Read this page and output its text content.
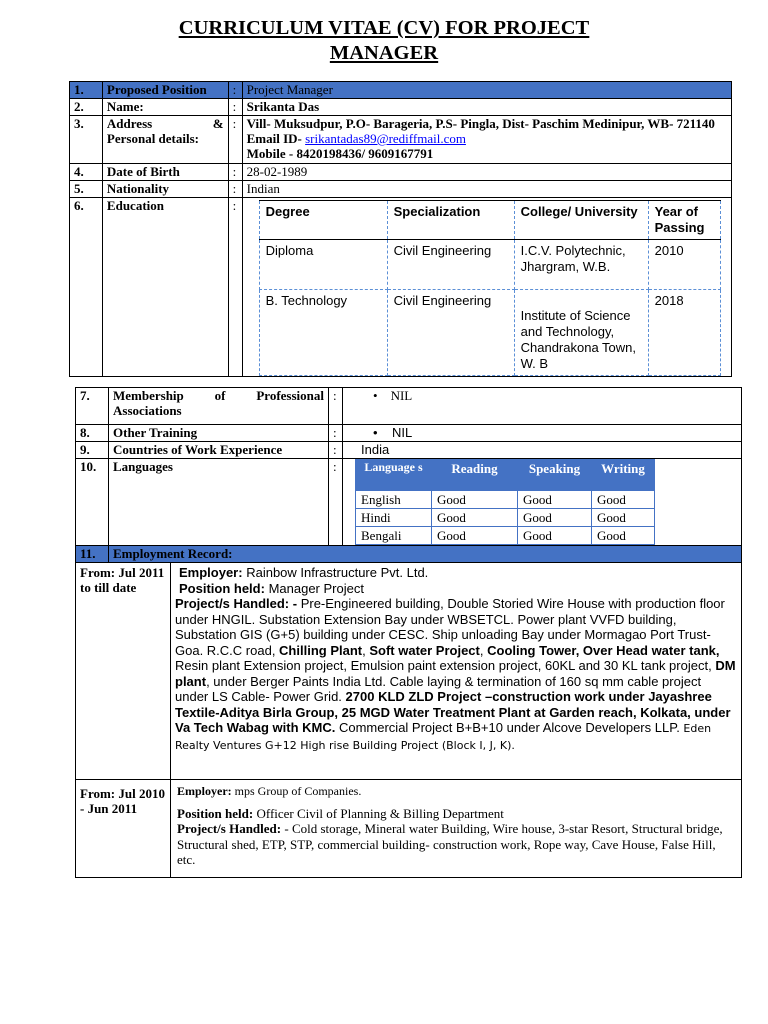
CURRICULUM VITAE (CV) FOR PROJECT
MANAGER
1.	Proposed Position	:	Project Manager
2.	Name:	:	Srikanta Das
3.	Address	&
Personal details:
	:	Vill- Muksudpur, P.O- Barageria, P.S- Pingla, Dist- Paschim Medinipur, WB- 721140 Email ID- srikantadas89@rediffmail.com
Mobile - 8420198436/ 9609167791

4.	Date of Birth	:	28-02-1989
5.	Nationality	:	Indian
6.	Education	:	Degree	Specialization	College/ University	Year of Passing
Diploma	Civil Engineering	I.C.V. Polytechnic, Jhargram, W.B.	2010
B. Technology	Civil Engineering	Institute of Science and Technology, Chandrakona Town, W. B	2018
7.	Membership of Professional Associations	:	•    NIL
8.	Other Training	:	•    NIL
9.	Countries of Work Experience	:	India
10.	Languages	:	Language s	Reading	Speaking	Writing
English	Good	Good	Good
Hindi	Good	Good	Good
Bengali	Good	Good	Good

11.	Employment Record:
From: Jul 2011 to till date	
Employer: Rainbow Infrastructure Pvt. Ltd.
Position held: Manager Project
Project/s Handled: - Pre-Engineered building, Double Storied Wire House with production floor under HNGIL. Substation Extension Bay under WBSETCL. Power plant VVFD building, Substation GIS (G+5) building under CESC. Ship unloading Bay under Mormagao Port Trust-Goa. R.C.C road, Chilling Plant, Soft water Project, Cooling Tower, Over Head water tank, Resin plant Extension project, Emulsion paint extension project, 60KL and 30 KL tank project, DM plant, under Berger Paints India Ltd. Cable laying & termination of 160 sq mm cable project under LS Cable- Power Grid. 2700 KLD ZLD Project –construction work under Jayashree Textile-Aditya Birla Group, 25 MGD Water Treatment Plant at Garden reach, Kolkata, under Va Tech Wabag with KMC. Commercial Project B+B+10 under Alcove Developers LLP. Eden Realty Ventures G+12 High rise Building Project (Block I, J, K).

From: Jul 2010 - Jun 2011	
Employer: mps Group of Companies.
Position held: Officer Civil of Planning & Billing Department
Project/s Handled: - Cold storage, Mineral water Building, Wire house, 3-star Resort, Structural bridge, Structural shed, ETP, STP, commercial building- construction work, Rope way, Cave House, False Hill, etc.
